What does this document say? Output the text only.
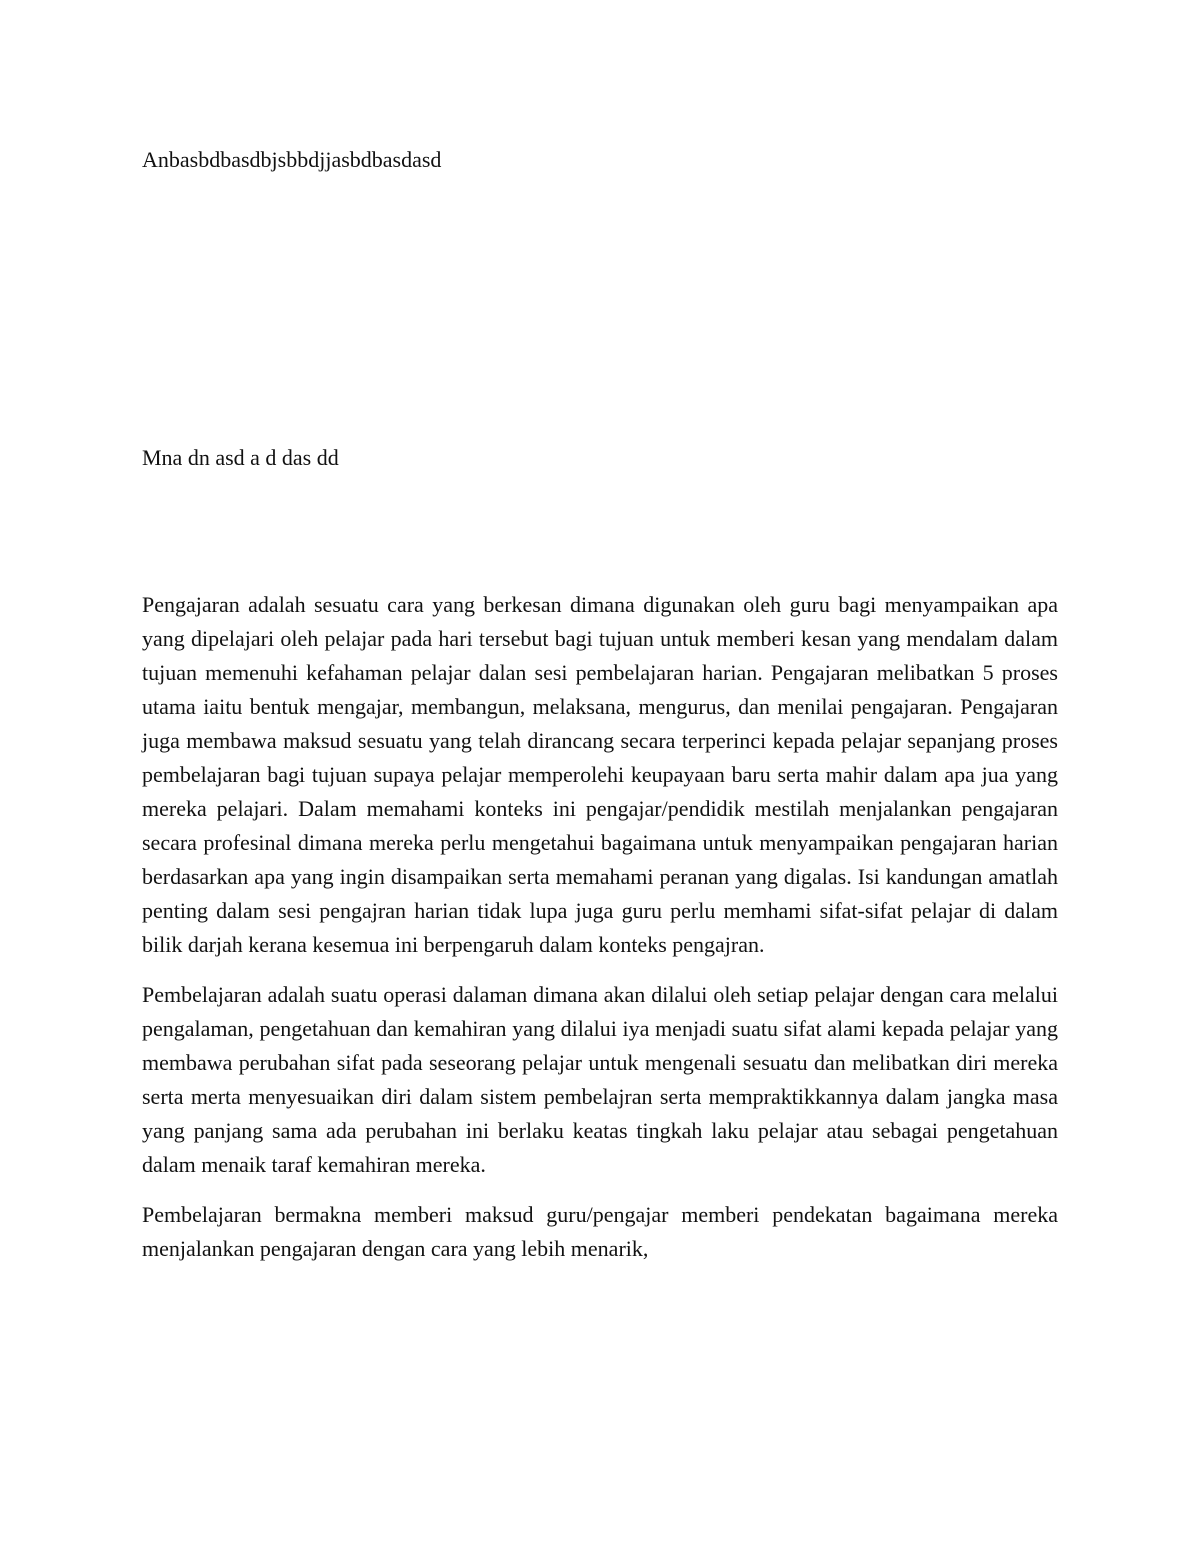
Anbasbdbasdbjsbbdjjasbdbasdasd

Mna dn asd a d das dd

Pengajaran adalah sesuatu cara yang berkesan dimana digunakan oleh guru bagi menyampaikan apa yang dipelajari oleh pelajar pada hari tersebut bagi tujuan untuk memberi kesan yang mendalam dalam tujuan memenuhi kefahaman pelajar dalan sesi pembelajaran harian. Pengajaran melibatkan 5 proses utama iaitu bentuk mengajar, membangun, melaksana, mengurus, dan menilai pengajaran. Pengajaran juga membawa maksud sesuatu yang telah dirancang secara terperinci kepada pelajar sepanjang proses pembelajaran bagi tujuan supaya pelajar memperolehi keupayaan baru serta mahir dalam apa jua yang mereka pelajari. Dalam memahami konteks ini pengajar/pendidik mestilah menjalankan pengajaran secara profesinal dimana mereka perlu mengetahui bagaimana untuk menyampaikan pengajaran harian berdasarkan apa yang ingin disampaikan serta memahami peranan yang digalas. Isi kandungan amatlah penting dalam sesi pengajran harian tidak lupa juga guru perlu memhami sifat-sifat pelajar di dalam bilik darjah kerana kesemua ini berpengaruh dalam konteks pengajran.

Pembelajaran adalah suatu operasi dalaman dimana akan dilalui oleh setiap pelajar dengan cara melalui pengalaman, pengetahuan dan kemahiran yang dilalui iya menjadi suatu sifat alami kepada pelajar yang membawa perubahan sifat pada seseorang pelajar untuk mengenali sesuatu dan melibatkan diri mereka serta merta menyesuaikan diri dalam sistem pembelajran serta mempraktikkannya dalam jangka masa yang panjang sama ada perubahan ini berlaku keatas tingkah laku pelajar atau sebagai pengetahuan dalam menaik taraf kemahiran mereka.

Pembelajaran bermakna memberi maksud guru/pengajar memberi pendekatan bagaimana mereka menjalankan pengajaran dengan cara yang lebih menarik,
